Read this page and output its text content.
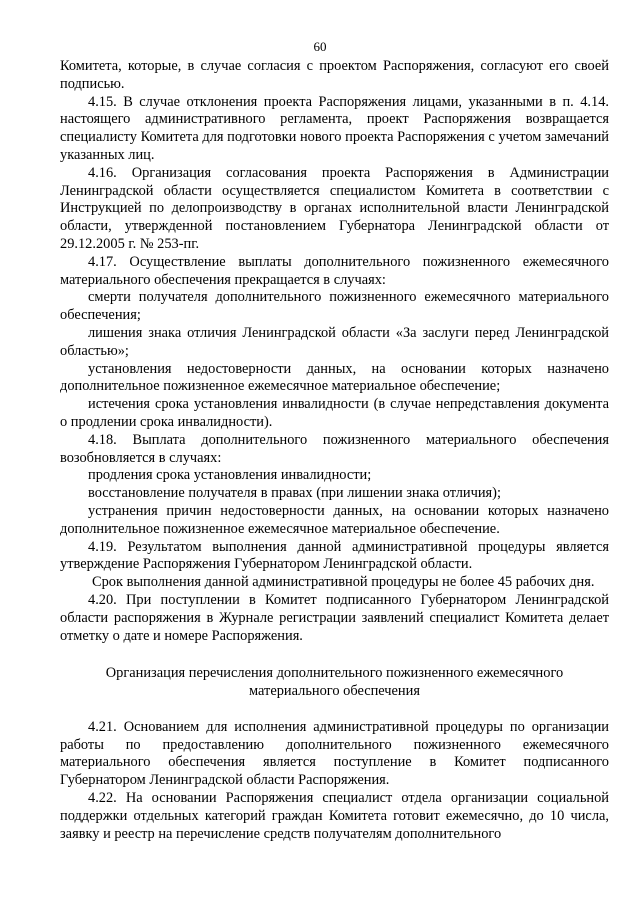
60

Комитета, которые, в случае согласия с проектом Распоряжения, согласуют его своей подписью.

4.15. В случае отклонения проекта Распоряжения лицами, указанными в п. 4.14. настоящего административного регламента, проект Распоряжения возвращается специалисту Комитета для подготовки нового проекта Распоряжения с учетом замечаний указанных лиц.

4.16. Организация согласования проекта Распоряжения в Администрации Ленинградской области осуществляется специалистом Комитета в соответствии с Инструкцией по делопроизводству в органах исполнительной власти Ленинградской области, утвержденной постановлением Губернатора Ленинградской области от 29.12.2005 г. № 253-пг.

4.17. Осуществление выплаты дополнительного пожизненного ежемесячного материального обеспечения прекращается в случаях:

смерти получателя дополнительного пожизненного ежемесячного материального обеспечения;

лишения знака отличия Ленинградской области «За заслуги перед Ленинградской областью»;

установления недостоверности данных, на основании которых назначено дополнительное пожизненное ежемесячное материальное обеспечение;

истечения срока установления инвалидности (в случае непредставления документа о продлении срока инвалидности).

4.18. Выплата дополнительного пожизненного материального обеспечения возобновляется в случаях:

продления срока установления инвалидности;

восстановление получателя в правах (при лишении знака отличия);

устранения причин недостоверности данных, на основании которых назначено дополнительное пожизненное ежемесячное материальное обеспечение.

4.19. Результатом выполнения данной административной процедуры является утверждение Распоряжения Губернатором Ленинградской области.

Срок выполнения данной административной процедуры не более 45 рабочих дня.

4.20. При поступлении в Комитет подписанного Губернатором Ленинградской области распоряжения в Журнале регистрации заявлений специалист Комитета делает отметку о дате и номере Распоряжения.

Организация перечисления дополнительного пожизненного ежемесячного материального обеспечения

4.21. Основанием для исполнения административной процедуры по организации работы по предоставлению дополнительного пожизненного ежемесячного материального обеспечения является поступление в Комитет подписанного Губернатором Ленинградской области Распоряжения.

4.22. На основании Распоряжения специалист отдела организации социальной поддержки отдельных категорий граждан Комитета готовит ежемесячно, до 10 числа, заявку и реестр на перечисление средств получателям дополнительного
